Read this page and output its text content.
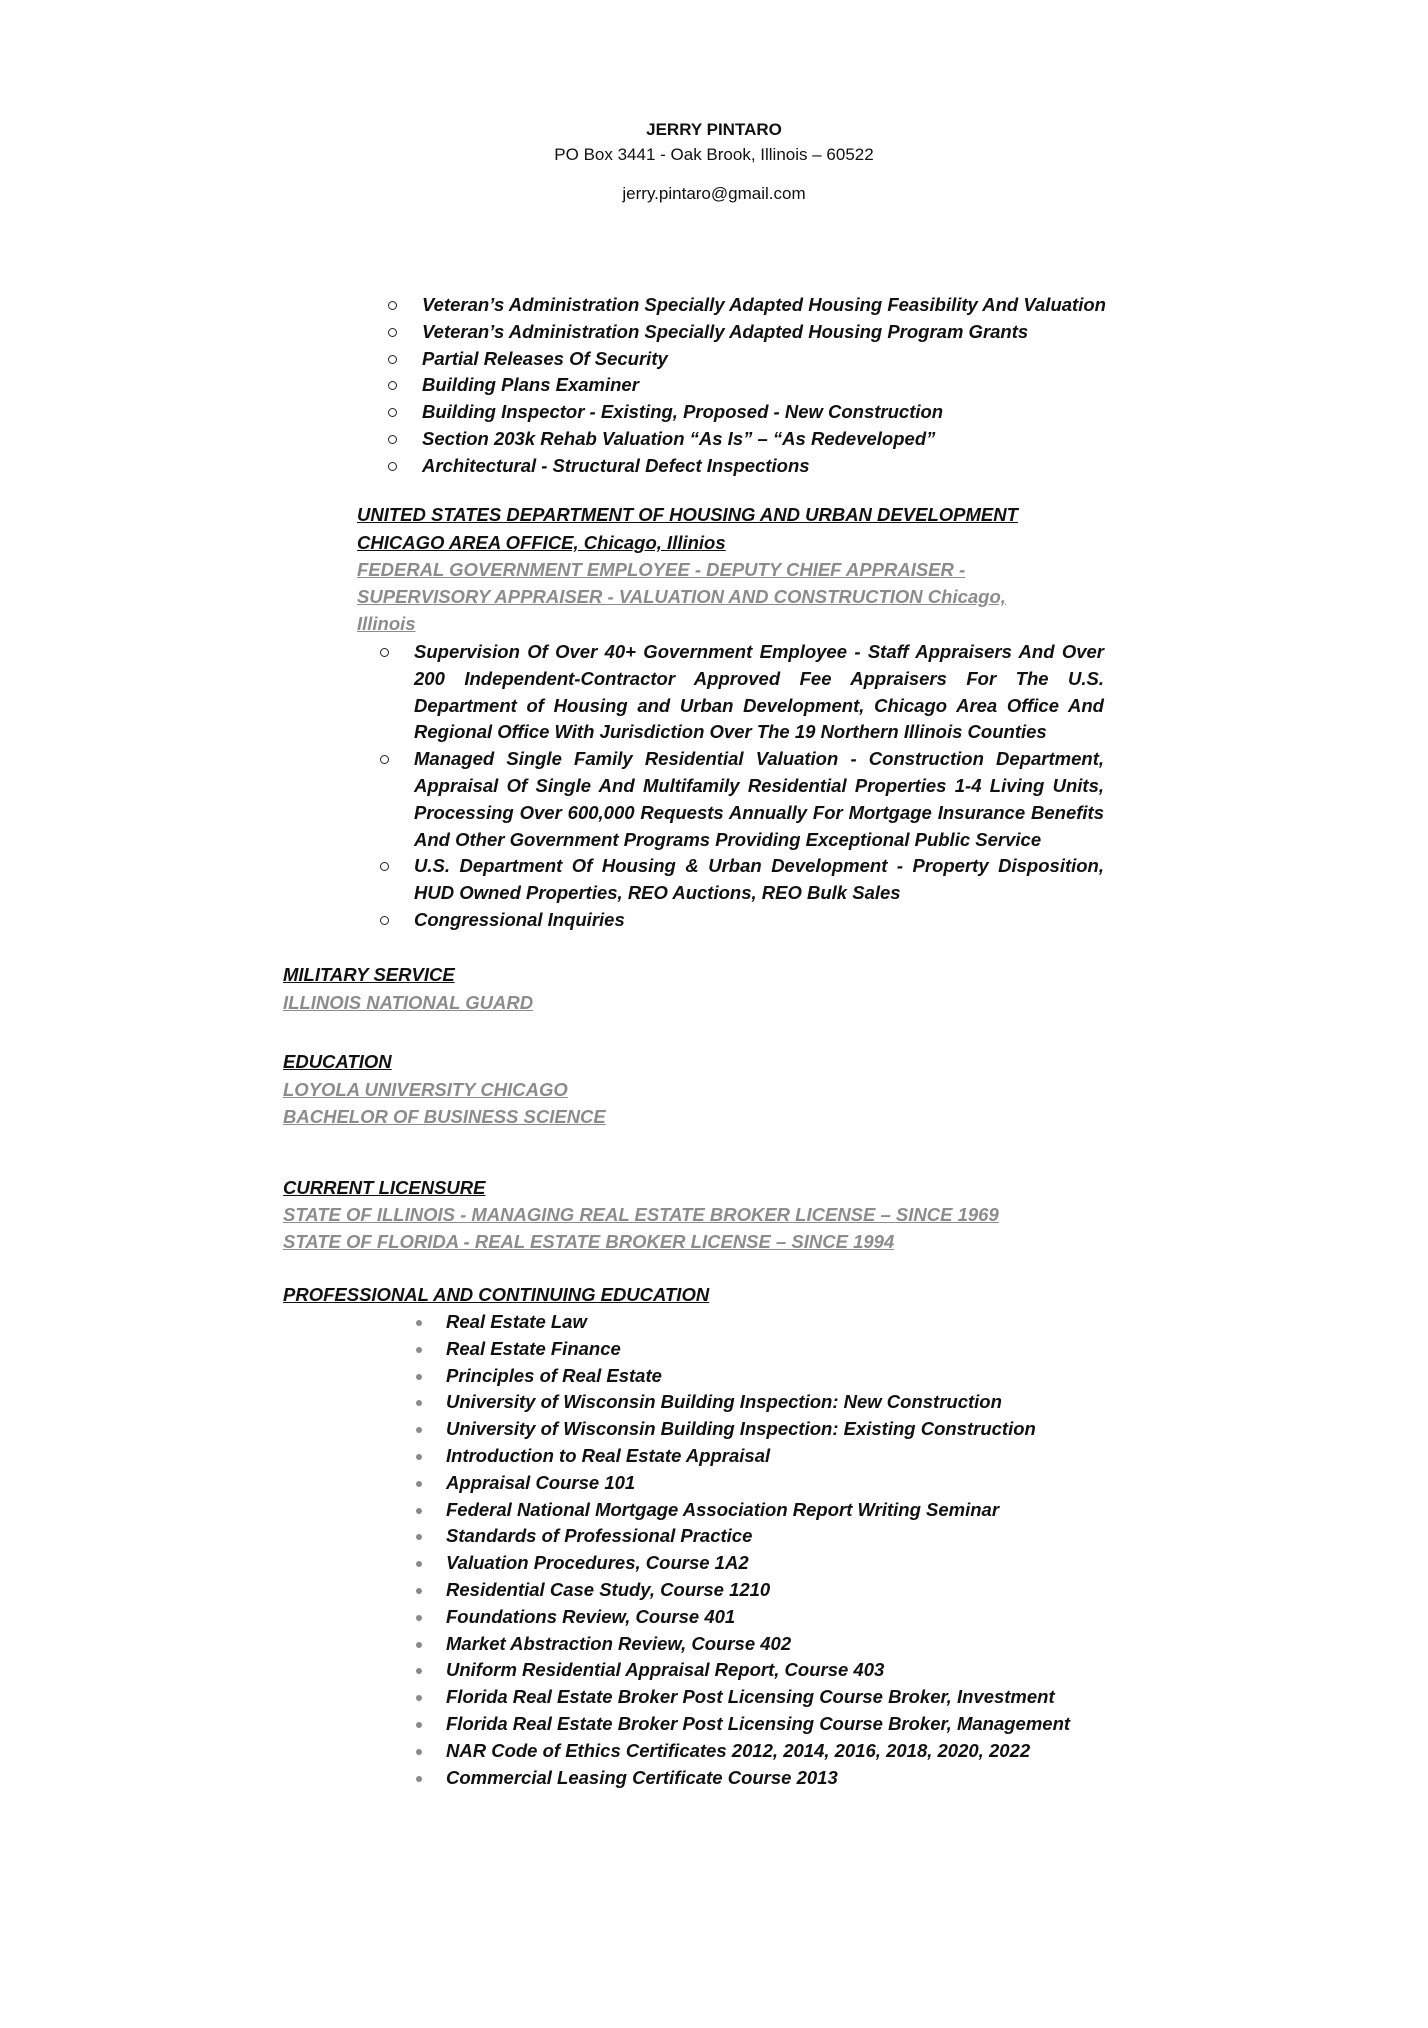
JERRY PINTARO
PO Box 3441 - Oak Brook, Illinois – 60522
jerry.pintaro@gmail.com
Veteran’s Administration Specially Adapted Housing Feasibility And Valuation
Veteran’s Administration Specially Adapted Housing Program Grants
Partial Releases Of Security
Building Plans Examiner
Building Inspector - Existing, Proposed - New Construction
Section 203k Rehab Valuation “As Is” – “As Redeveloped”
Architectural - Structural Defect Inspections
UNITED STATES DEPARTMENT OF HOUSING AND URBAN DEVELOPMENT
CHICAGO AREA OFFICE, Chicago, Illinios
FEDERAL GOVERNMENT EMPLOYEE - DEPUTY CHIEF APPRAISER -
SUPERVISORY APPRAISER - VALUATION AND CONSTRUCTION Chicago,
Illinois
Supervision Of Over 40+ Government Employee - Staff Appraisers And Over
200 Independent-Contractor Approved Fee Appraisers For The U.S.
Department of Housing and Urban Development, Chicago Area Office And
Regional Office With Jurisdiction Over The 19 Northern Illinois Counties
Managed Single Family Residential Valuation - Construction Department,
Appraisal Of Single And Multifamily Residential Properties 1-4 Living Units,
Processing Over 600,000 Requests Annually For Mortgage Insurance Benefits
And Other Government Programs Providing Exceptional Public Service
U.S. Department Of Housing & Urban Development - Property Disposition,
HUD Owned Properties, REO Auctions, REO Bulk Sales
Congressional Inquiries
MILITARY SERVICE
ILLINOIS NATIONAL GUARD
EDUCATION
LOYOLA UNIVERSITY CHICAGO
BACHELOR OF BUSINESS SCIENCE
CURRENT LICENSURE
STATE OF ILLINOIS - MANAGING REAL ESTATE BROKER LICENSE – SINCE 1969
STATE OF FLORIDA - REAL ESTATE BROKER LICENSE – SINCE 1994
PROFESSIONAL AND CONTINUING EDUCATION
Real Estate Law
Real Estate Finance
Principles of Real Estate
University of Wisconsin Building Inspection: New Construction
University of Wisconsin Building Inspection: Existing Construction
Introduction to Real Estate Appraisal
Appraisal Course 101
Federal National Mortgage Association Report Writing Seminar
Standards of Professional Practice
Valuation Procedures, Course 1A2
Residential Case Study, Course 1210
Foundations Review, Course 401
Market Abstraction Review, Course 402
Uniform Residential Appraisal Report, Course 403
Florida Real Estate Broker Post Licensing Course Broker, Investment
Florida Real Estate Broker Post Licensing Course Broker, Management
NAR Code of Ethics Certificates 2012, 2014, 2016, 2018, 2020, 2022
Commercial Leasing Certificate Course 2013
